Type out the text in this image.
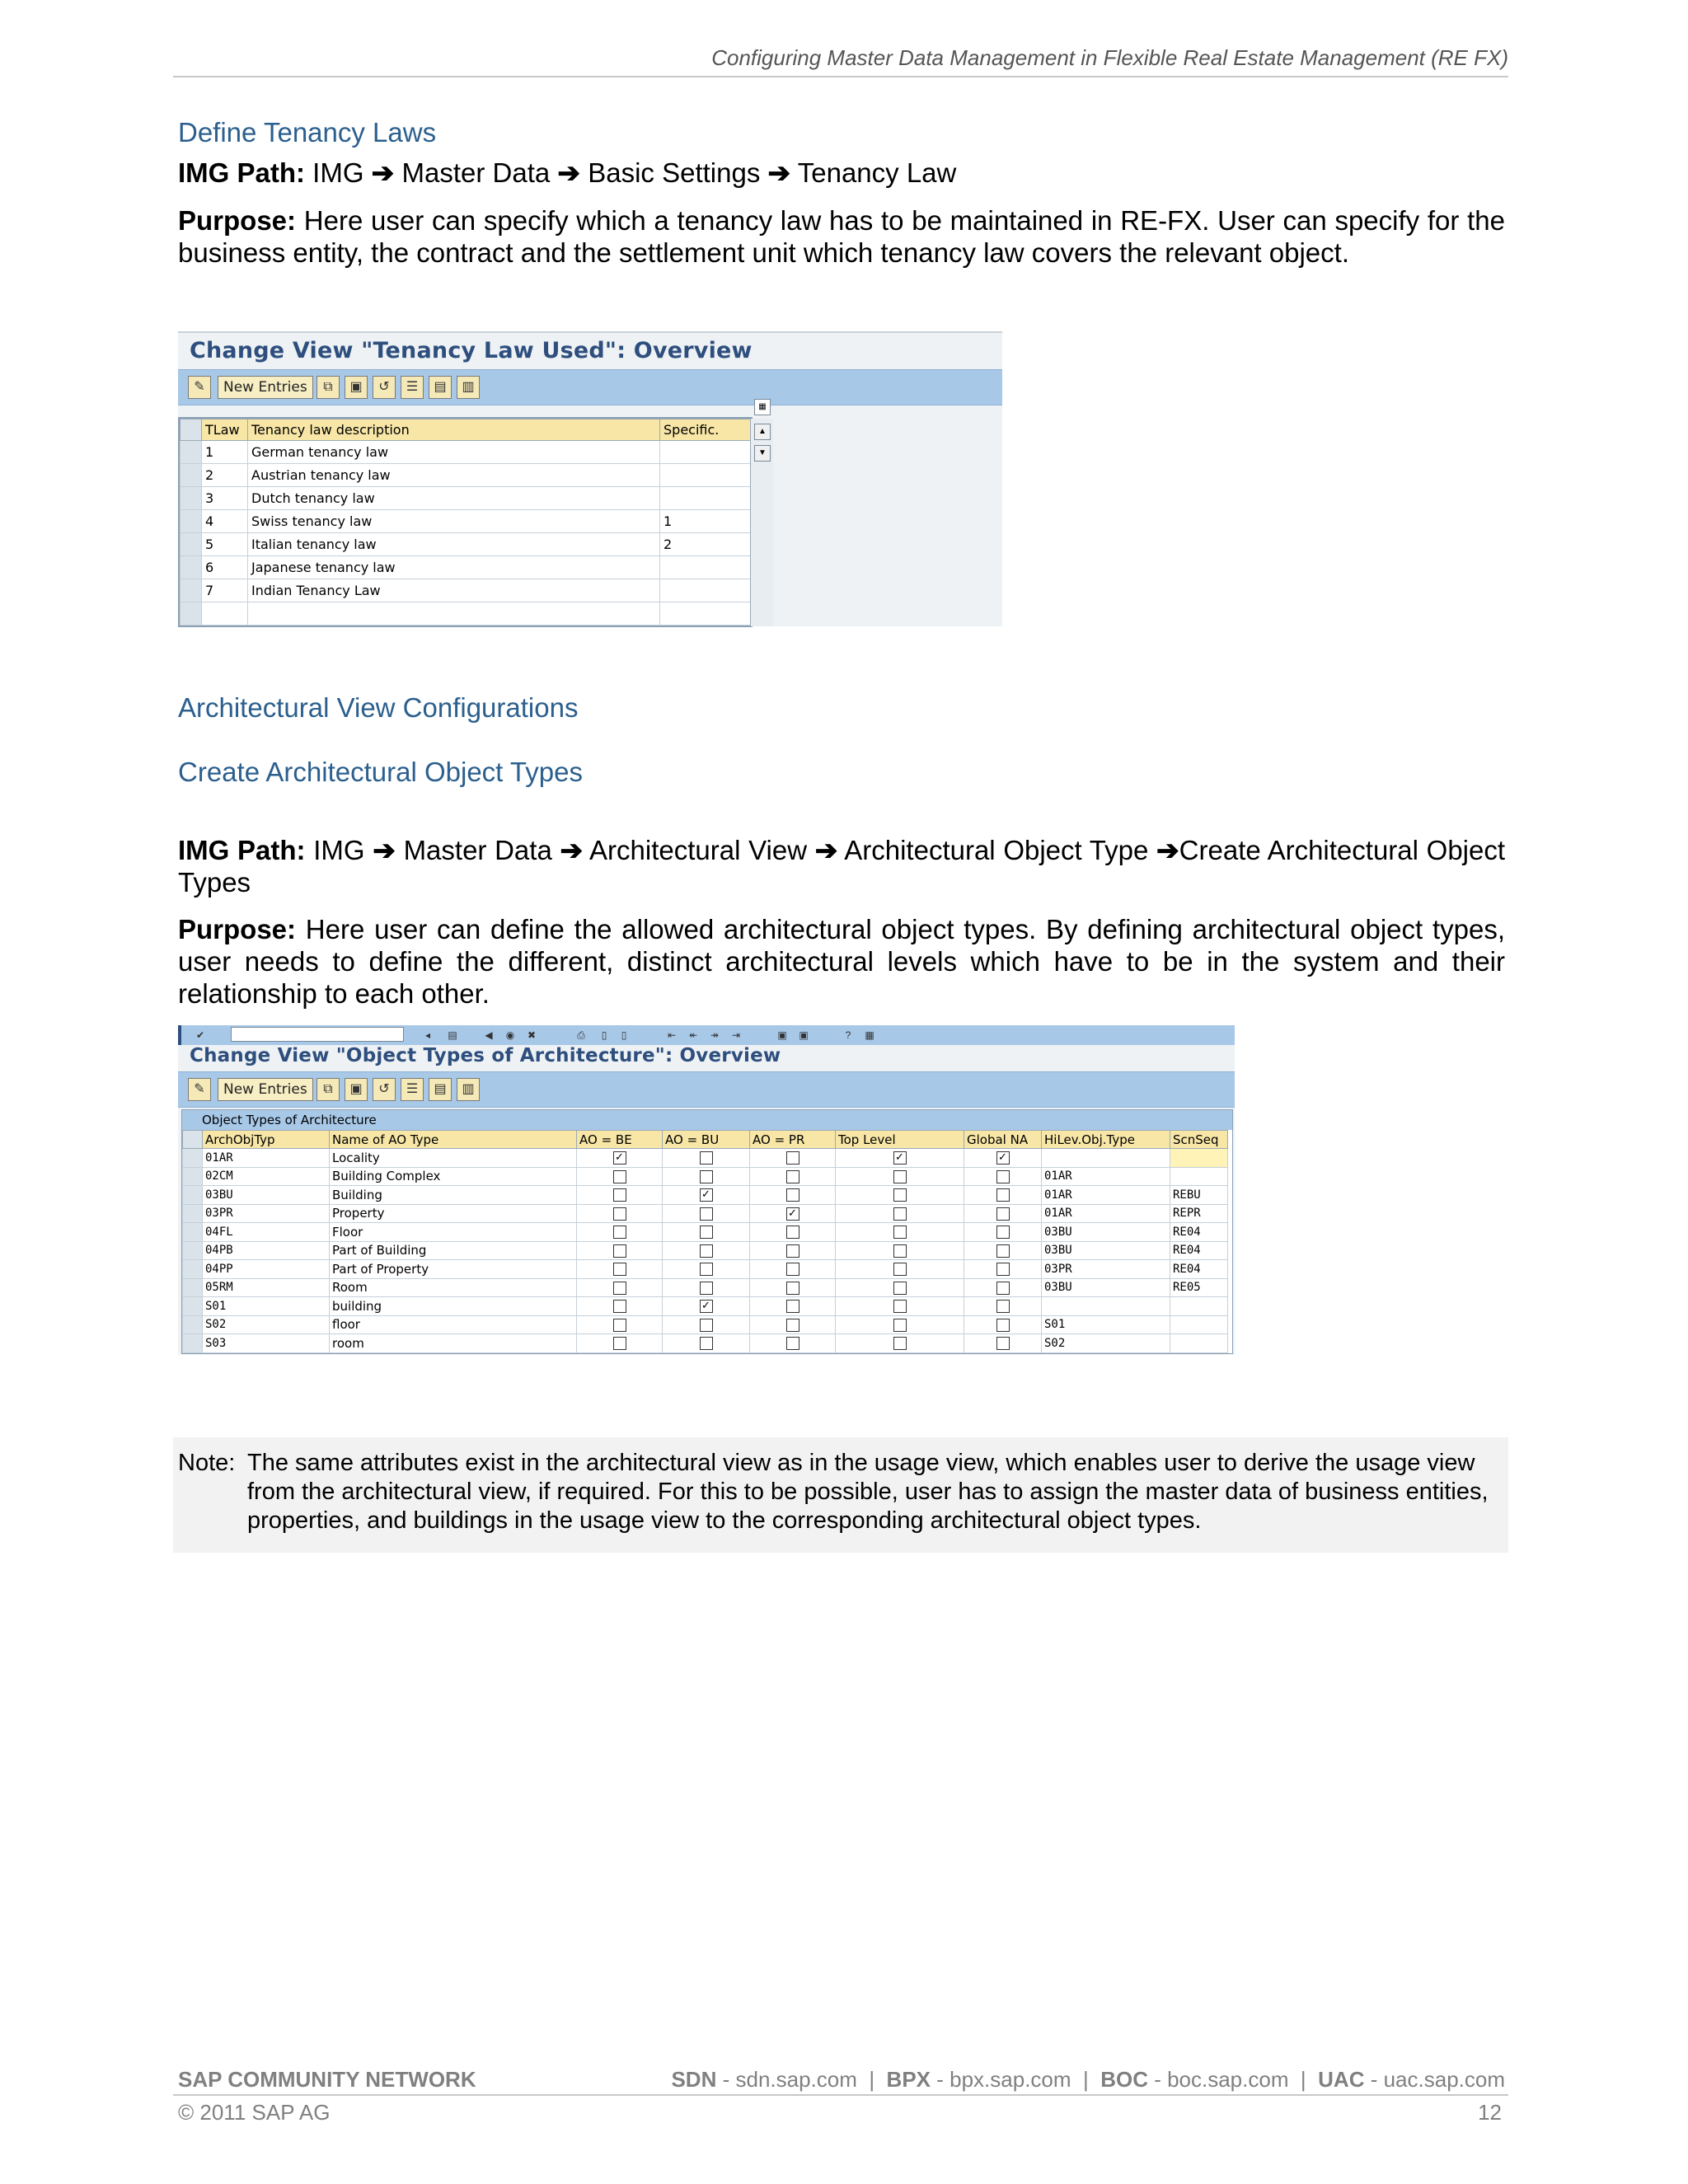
Configuring Master Data Management in Flexible Real Estate Management (RE FX)
Define Tenancy Laws
IMG Path: IMG ➔ Master Data ➔ Basic Settings ➔ Tenancy Law
Purpose: Here user can specify which a tenancy law has to be maintained in RE-FX. User can specify for the business entity, the contract and the settlement unit which tenancy law covers the relevant object.
Change View "Tenancy Law Used": Overview
✎	New Entries	⧉	▣	↺	☰	▤	▥
	TLaw	Tenancy law description	Specific.
	1	German tenancy law	
	2	Austrian tenancy law	
	3	Dutch tenancy law	
	4	Swiss tenancy law	1
	5	Italian tenancy law	2
	6	Japanese tenancy law	
	7	Indian Tenancy Law	

▦
▲
▼
Architectural View Configurations
Create Architectural Object Types
IMG Path: IMG ➔ Master Data ➔ Architectural View ➔ Architectural Object Type ➔Create Architectural Object Types
Purpose: Here user can define the allowed architectural object types. By defining architectural object types, user needs to define the different, distinct architectural levels which have to be in the system and their relationship to each other.
✔	◂	▤	◀	◉	✖	⎙	▯	▯	⇤	↞	↠	⇥	▣ ▣	?	▦
Change View "Object Types of Architecture": Overview
✎	New Entries	⧉	▣	↺	☰	▤	▥
Object Types of Architecture
	ArchObjTyp	Name of AO Type	AO = BE	AO = BU	AO = PR	Top Level	Global NA	HiLev.Obj.Type	ScnSeq
	01AR	Locality	✓			✓	✓		
	02CM	Building Complex						01AR	
	03BU	Building		✓				01AR	REBU
	03PR	Property			✓			01AR	REPR
	04FL	Floor						03BU	RE04
	04PB	Part of Building						03BU	RE04
	04PP	Part of Property						03PR	RE04
	05RM	Room						03BU	RE05
	S01	building		✓					
	S02	floor						S01	
	S03	room						S02	
Note: The same attributes exist in the architectural view as in the usage view, which enables user to derive the usage view from the architectural view, if required. For this to be possible, user has to assign the master data of business entities, properties, and buildings in the usage view to the corresponding architectural object types.
SAP COMMUNITY NETWORK	SDN - sdn.sap.com  |  BPX - bpx.sap.com  |  BOC - boc.sap.com  |  UAC - uac.sap.com
© 2011 SAP AG	12
